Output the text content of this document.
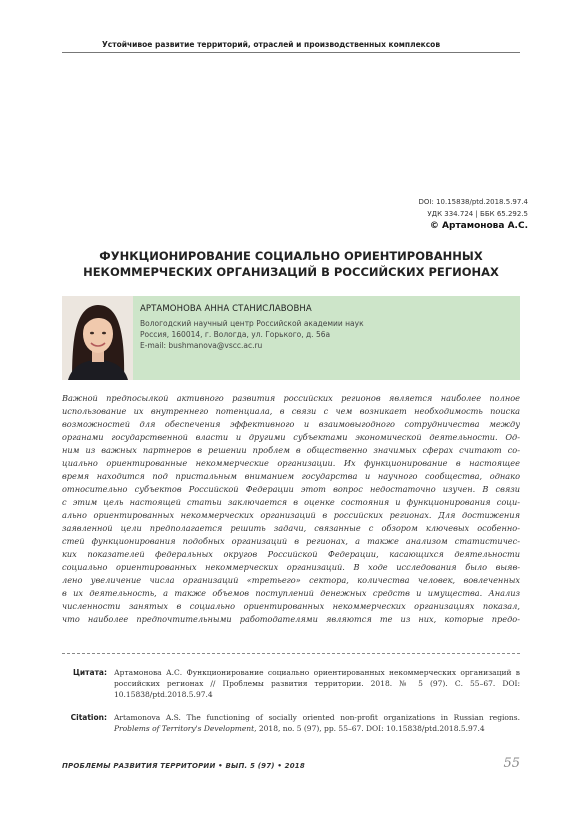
Устойчивое развитие территорий, отраслей и производственных комплексов
DOI: 10.15838/ptd.2018.5.97.4
УДК 334.724 | ББК 65.292.5
© Артамонова А.С.
ФУНКЦИОНИРОВАНИЕ СОЦИАЛЬНО ОРИЕНТИРОВАННЫХ
НЕКОММЕРЧЕСКИХ ОРГАНИЗАЦИЙ В РОССИЙСКИХ РЕГИОНАХ
АРТАМОНОВА АННА СТАНИСЛАВОВНА
Вологодский научный центр Российской академии наук
Россия, 160014, г. Вологда, ул. Горького, д. 56а
E-mail: bushmanova@vscc.ac.ru
Важной предпосылкой активного развития российских регионов является наиболее полное
использование их внутреннего потенциала, в связи с чем возникает необходимость поиска
возможностей для обеспечения эффективного и взаимовыгодного сотрудничества между
органами государственной власти и другими субъектами экономической деятельности. Од-
ним из важных партнеров в решении проблем в общественно значимых сферах считают со-
циально ориентированные некоммерческие организации. Их функционирование в настоящее
время находится под пристальным вниманием государства и научного сообщества, однако
относительно субъектов Российской Федерации этот вопрос недостаточно изучен. В связи
с этим цель настоящей статьи заключается в оценке состояния и функционирования соци-
ально ориентированных некоммерческих организаций в российских регионах. Для достижения
заявленной цели предполагается решить задачи, связанные с обзором ключевых особенно-
стей функционирования подобных организаций в регионах, а также анализом статистичес-
ких показателей федеральных округов Российской Федерации, касающихся деятельности
социально ориентированных некоммерческих организаций. В ходе исследования было выяв-
лено увеличение числа организаций «третьего» сектора, количества человек, вовлеченных
в их деятельность, а также объемов поступлений денежных средств и имущества. Анализ
численности занятых в социально ориентированных некоммерческих организациях показал,
что наиболее предпочтительными работодателями являются те из них, которые предо-
Цитата: Артамонова А.С. Функционирование социально ориентированных некоммерческих организаций в российских регионах // Проблемы развития территории. 2018. № 5 (97). С. 55–67. DOI: 10.15838/ptd.2018.5.97.4
Citation: Artamonova A.S. The functioning of socially oriented non-profit organizations in Russian regions. Problems of Territory's Development, 2018, no. 5 (97), pp. 55–67. DOI: 10.15838/ptd.2018.5.97.4
ПРОБЛЕМЫ РАЗВИТИЯ ТЕРРИТОРИИ • ВЫП. 5 (97) • 2018	55
